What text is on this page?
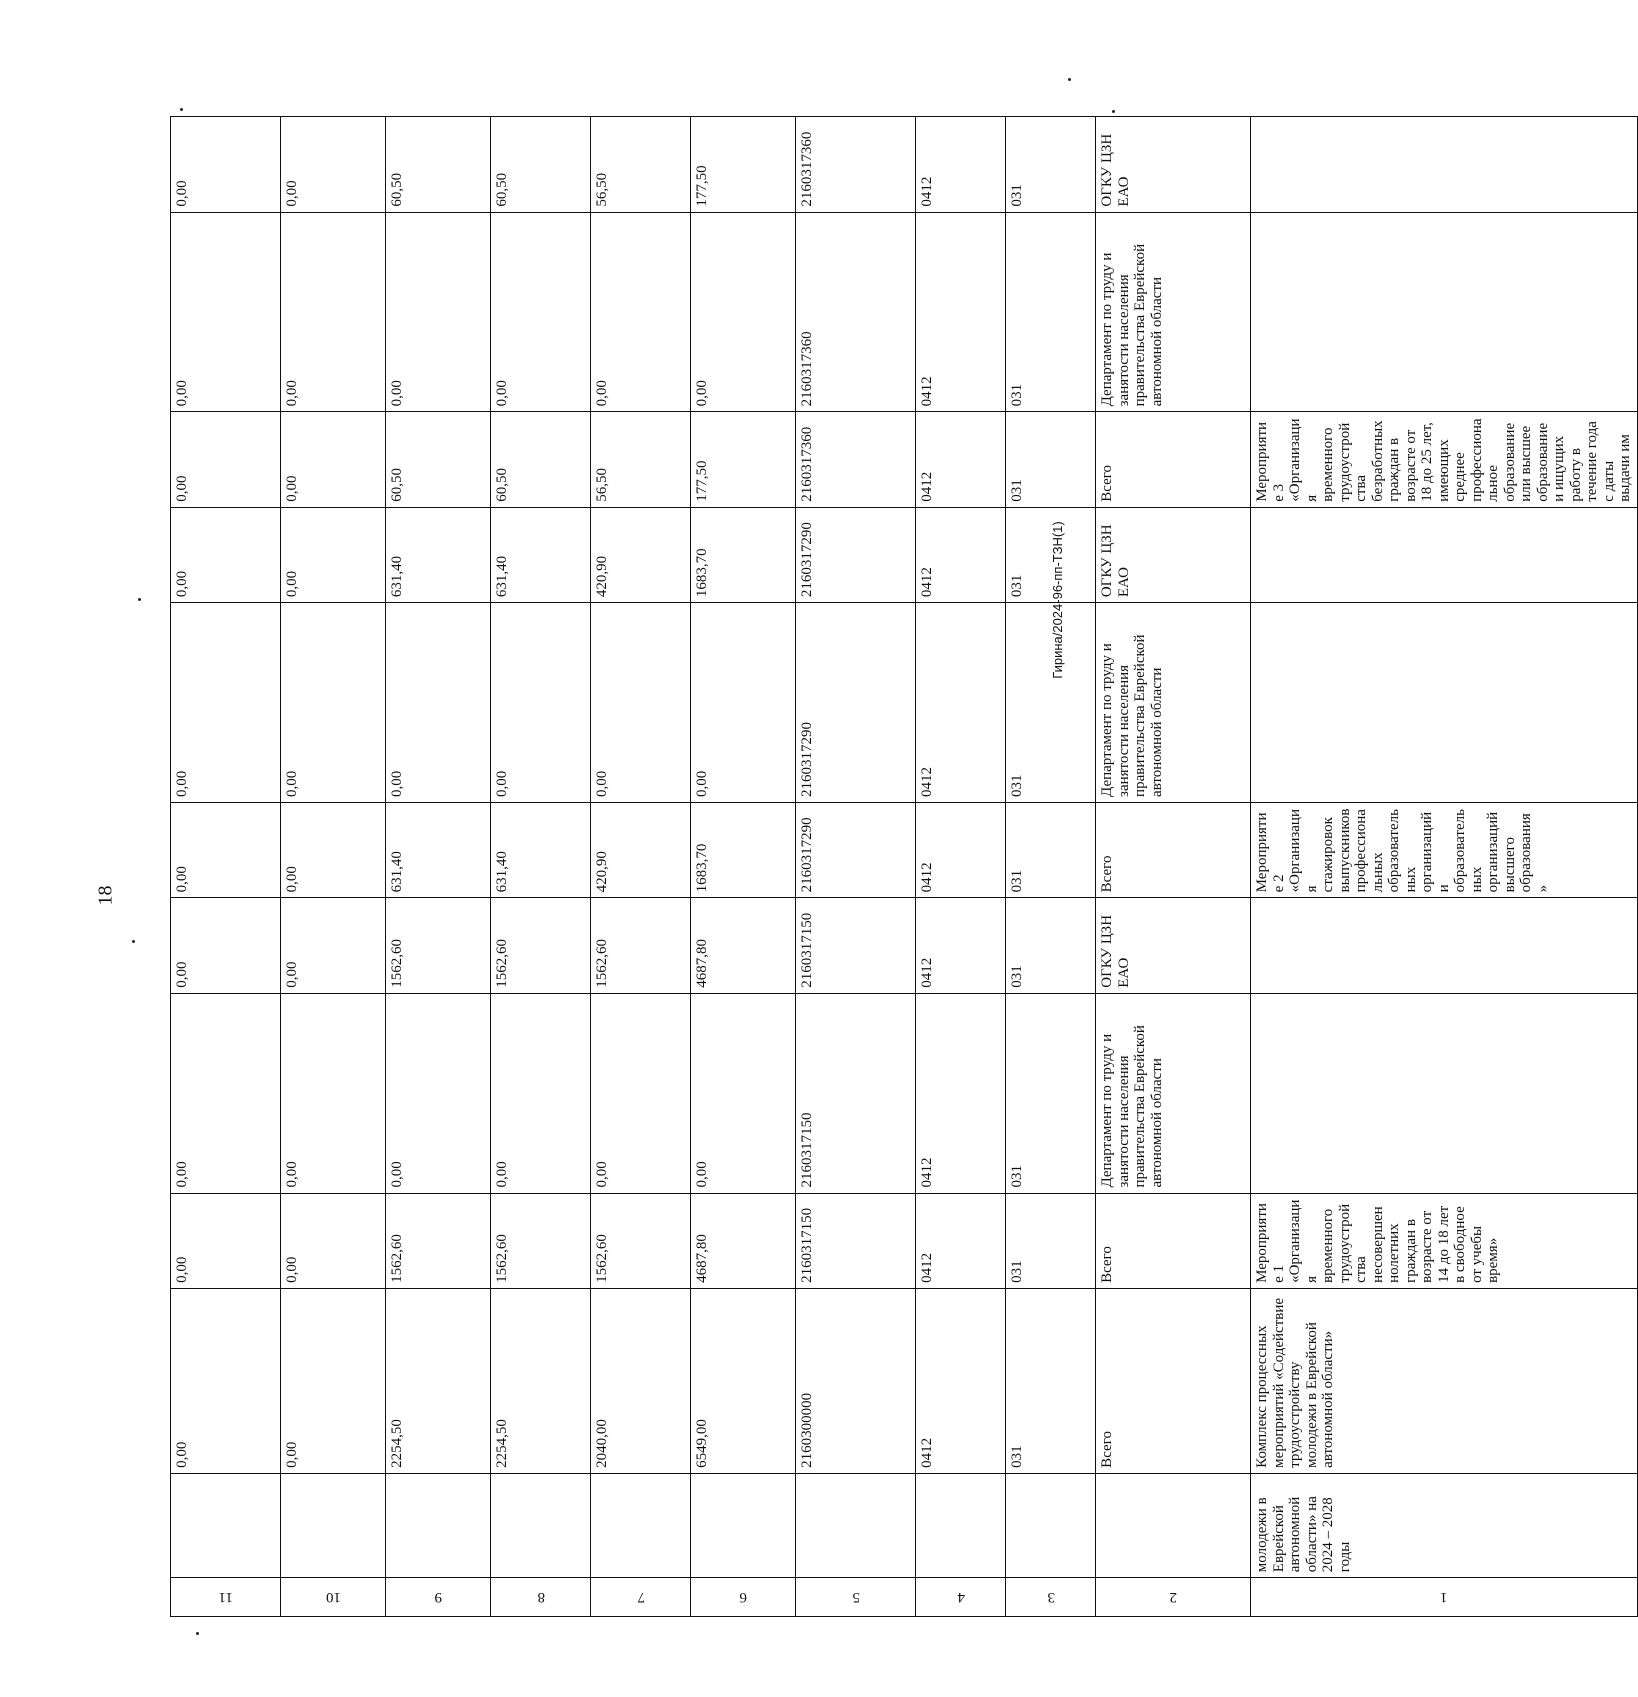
18
Гирина/2024-96-пп-ТЗН(1)
11		0,00	0,00	0,00	0,00	0,00	0,00	0,00	0,00	0,00	0,00
10		0,00	0,00	0,00	0,00	0,00	0,00	0,00	0,00	0,00	0,00
9		2254,50	1562,60	0,00	1562,60	631,40	0,00	631,40	60,50	0,00	60,50
8		2254,50	1562,60	0,00	1562,60	631,40	0,00	631,40	60,50	0,00	60,50
7		2040,00	1562,60	0,00	1562,60	420,90	0,00	420,90	56,50	0,00	56,50
6		6549,00	4687,80	0,00	4687,80	1683,70	0,00	1683,70	177,50	0,00	177,50
5		2160300000	2160317150	2160317150	2160317150	2160317290	2160317290	2160317290	2160317360	2160317360	2160317360
4		0412	0412	0412	0412	0412	0412	0412	0412	0412	0412
3		031	031	031	031	031	031	031	031	031	031
2		Всего	Всего	Департамент по труду и занятости населения правительства Еврейской автономной области	ОГКУ ЦЗН ЕАО	Всего	Департамент по труду и занятости населения правительства Еврейской автономной области	ОГКУ ЦЗН ЕАО	Всего	Департамент по труду и занятости населения правительства Еврейской автономной области	ОГКУ ЦЗН ЕАО
1	молодежи в Еврейской автономной области» на 2024 – 2028 годы	Комплекс процессных мероприятий «Содействие трудоустройству молодежи в Еврейской автономной области»	Мероприятие 1 «Организация временного трудоустройства несовершеннолетних граждан в возрасте от 14 до 18 лет в свободное от учебы время»			Мероприятие 2 «Организация стажировок выпускников профессиональных образовательных организаций и образовательных организаций высшего образования »			Мероприятие 3 «Организация временного трудоустройства безработных граждан в возрасте от 18 до 25 лет, имеющих среднее профессиональное образование или высшее образование и ищущих работу в течение года с даты выдачи им		
